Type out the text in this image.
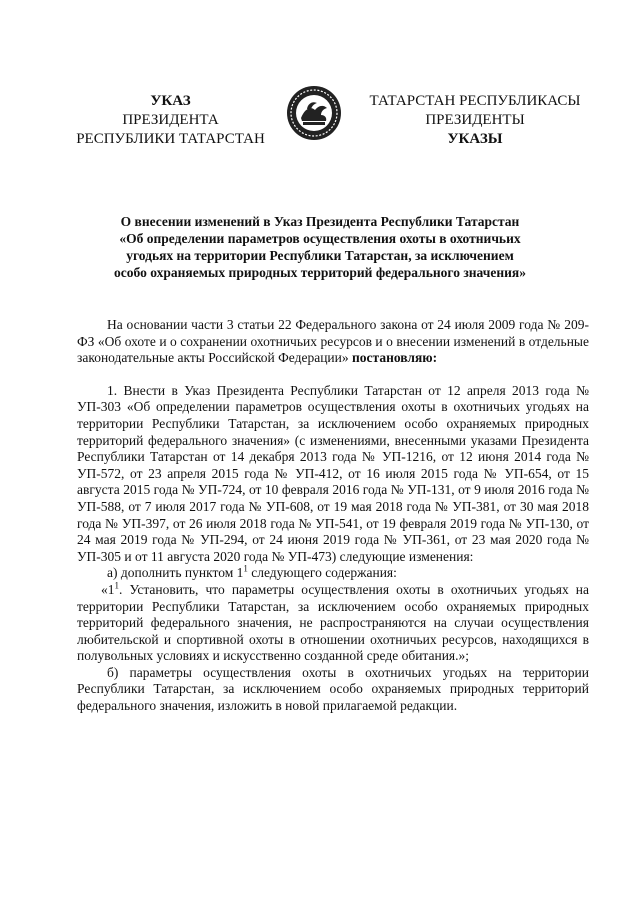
УКАЗ
ПРЕЗИДЕНТА
РЕСПУБЛИКИ ТАТАРСТАН
ТАТАРСТАН РЕСПУБЛИКАСЫ
ПРЕЗИДЕНТЫ
УКАЗЫ
О внесении изменений в Указ Президента Республики Татарстан
«Об определении параметров осуществления охоты в охотничьих
угодьях на территории Республики Татарстан, за исключением
особо охраняемых природных территорий федерального значения»

На основании части 3 статьи 22 Федерального закона от 24 июля 2009 года № 209-ФЗ «Об охоте и о сохранении охотничьих ресурсов и о внесении изменений в отдельные законодательные акты Российской Федерации» постановляю:

1. Внести в Указ Президента Республики Татарстан от 12 апреля 2013 года № УП-303 «Об определении параметров осуществления охоты в охотничьих угодьях на территории Республики Татарстан, за исключением особо охраняемых природных территорий федерального значения» (с изменениями, внесенными указами Президента Республики Татарстан от 14 декабря 2013 года № УП-1216, от 12 июня 2014 года № УП-572, от 23 апреля 2015 года № УП-412, от 16 июля 2015 года № УП-654, от 15 августа 2015 года № УП-724, от 10 февраля 2016 года № УП-131, от 9 июля 2016 года № УП-588, от 7 июля 2017 года № УП-608, от 19 мая 2018 года № УП-381, от 30 мая 2018 года № УП-397, от 26 июля 2018 года № УП-541, от 19 февраля 2019 года № УП-130, от 24 мая 2019 года № УП-294, от 24 июня 2019 года № УП-361, от 23 мая 2020 года № УП-305 и от 11 августа 2020 года № УП-473) следующие изменения:

а) дополнить пунктом $1^1$ следующего содержания:

«$1^1$. Установить, что параметры осуществления охоты в охотничьих угодьях на территории Республики Татарстан, за исключением особо охраняемых природных территорий федерального значения, не распространяются на случаи осуществления любительской и спортивной охоты в отношении охотничьих ресурсов, находящихся в полувольных условиях и искусственно созданной среде обитания.»;

б) параметры осуществления охоты в охотничьих угодьях на территории Республики Татарстан, за исключением особо охраняемых природных территорий федерального значения, изложить в новой прилагаемой редакции.
